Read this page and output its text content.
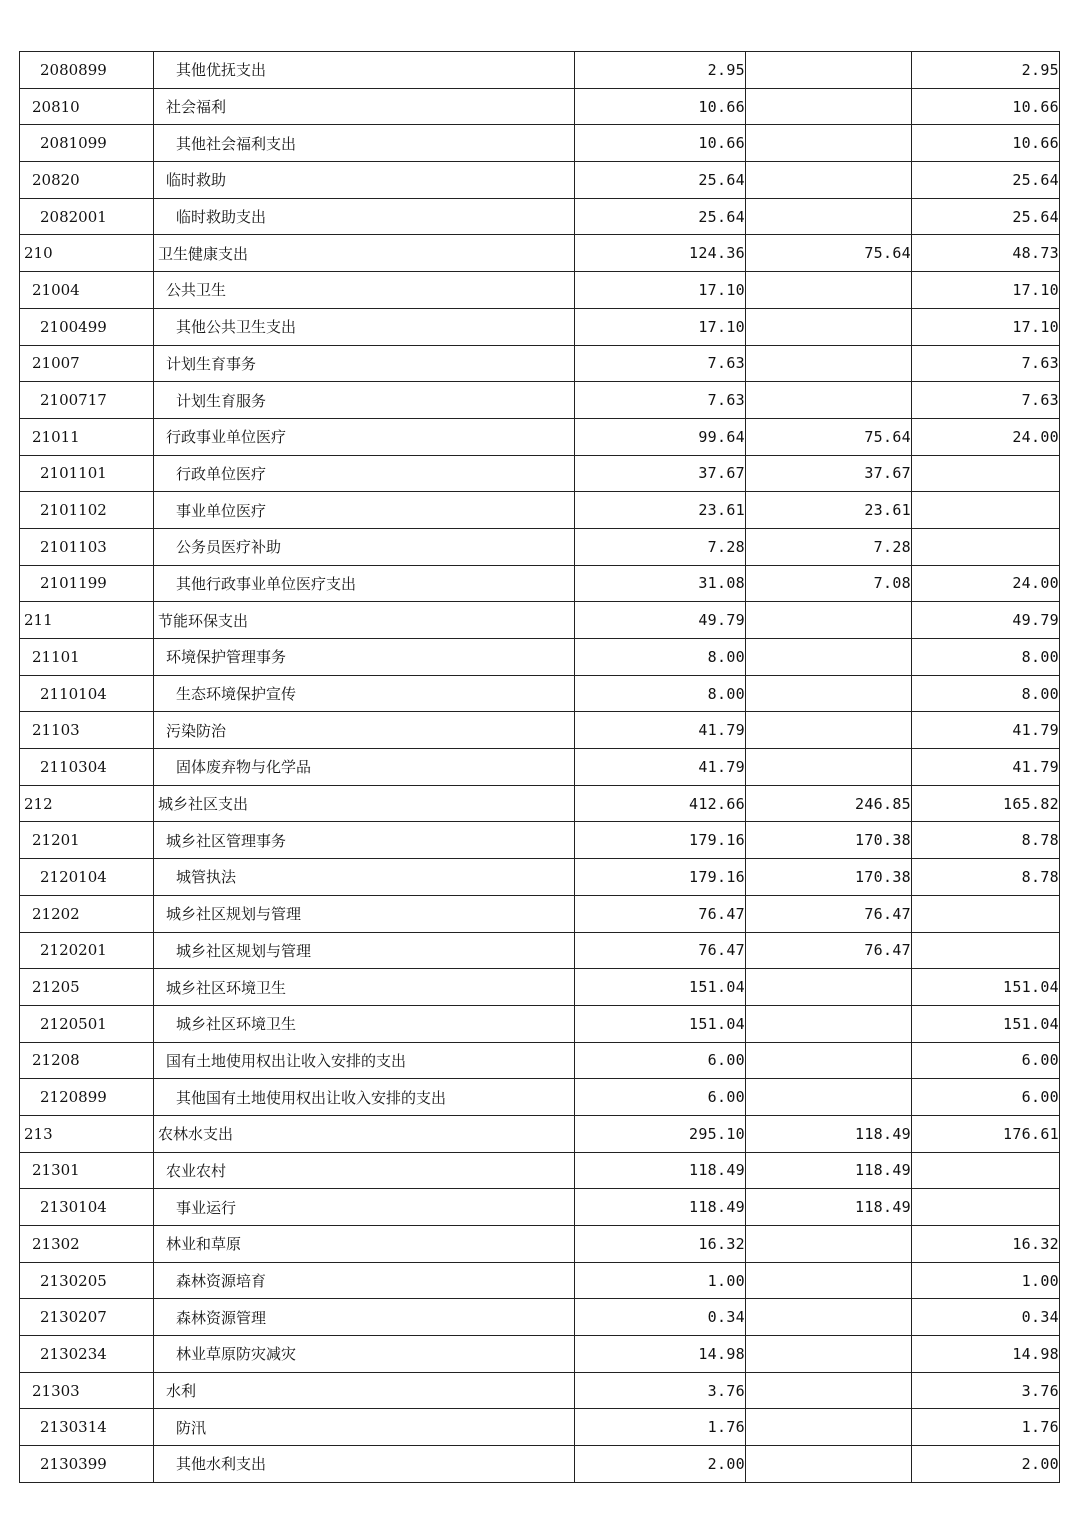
2080899	其他优抚支出	2.95		2.95
20810	社会福利	10.66		10.66
2081099	其他社会福利支出	10.66		10.66
20820	临时救助	25.64		25.64
2082001	临时救助支出	25.64		25.64
210	卫生健康支出	124.36	75.64	48.73
21004	公共卫生	17.10		17.10
2100499	其他公共卫生支出	17.10		17.10
21007	计划生育事务	7.63		7.63
2100717	计划生育服务	7.63		7.63
21011	行政事业单位医疗	99.64	75.64	24.00
2101101	行政单位医疗	37.67	37.67	
2101102	事业单位医疗	23.61	23.61	
2101103	公务员医疗补助	7.28	7.28	
2101199	其他行政事业单位医疗支出	31.08	7.08	24.00
211	节能环保支出	49.79		49.79
21101	环境保护管理事务	8.00		8.00
2110104	生态环境保护宣传	8.00		8.00
21103	污染防治	41.79		41.79
2110304	固体废弃物与化学品	41.79		41.79
212	城乡社区支出	412.66	246.85	165.82
21201	城乡社区管理事务	179.16	170.38	8.78
2120104	城管执法	179.16	170.38	8.78
21202	城乡社区规划与管理	76.47	76.47	
2120201	城乡社区规划与管理	76.47	76.47	
21205	城乡社区环境卫生	151.04		151.04
2120501	城乡社区环境卫生	151.04		151.04
21208	国有土地使用权出让收入安排的支出	6.00		6.00
2120899	其他国有土地使用权出让收入安排的支出	6.00		6.00
213	农林水支出	295.10	118.49	176.61
21301	农业农村	118.49	118.49	
2130104	事业运行	118.49	118.49	
21302	林业和草原	16.32		16.32
2130205	森林资源培育	1.00		1.00
2130207	森林资源管理	0.34		0.34
2130234	林业草原防灾减灾	14.98		14.98
21303	水利	3.76		3.76
2130314	防汛	1.76		1.76
2130399	其他水利支出	2.00		2.00
